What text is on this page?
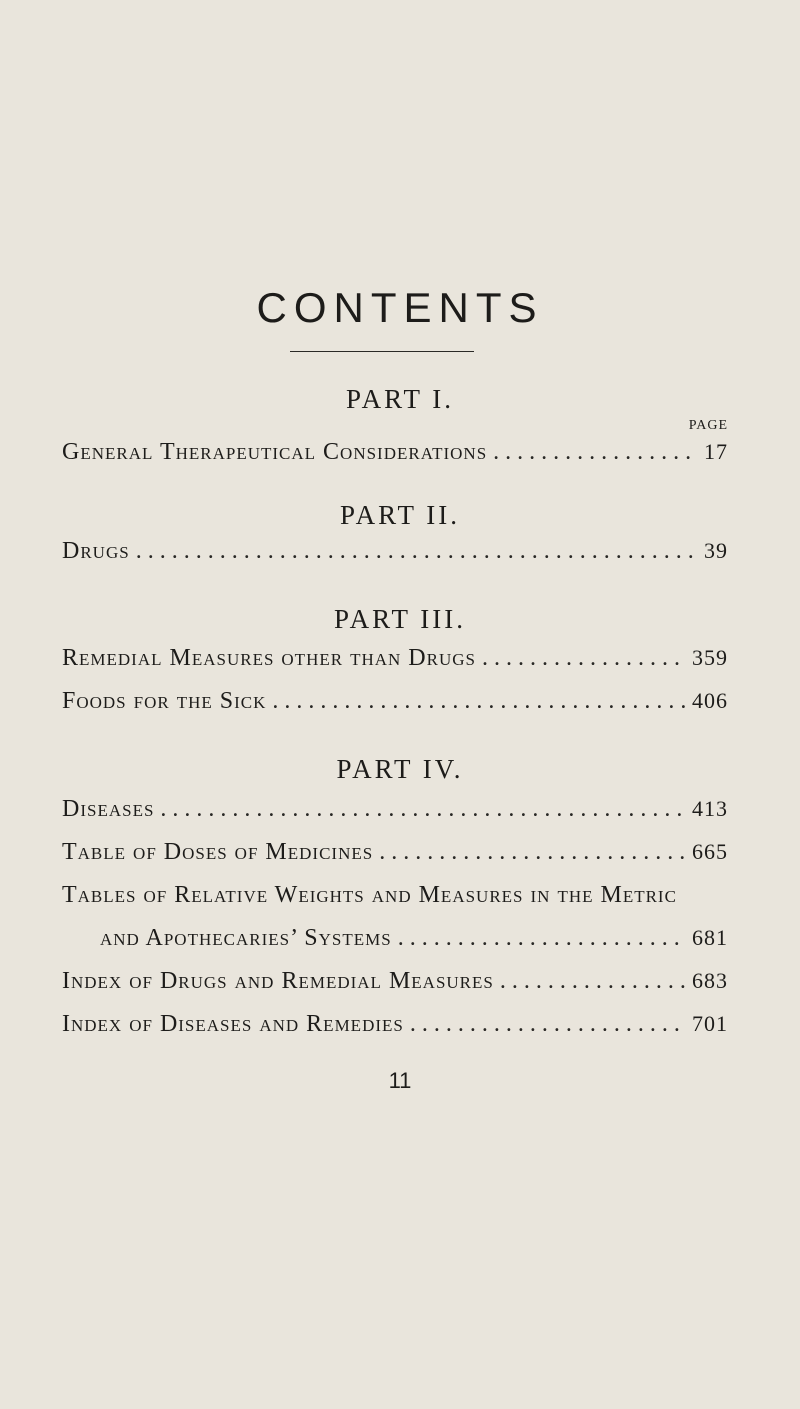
CONTENTS
PART I.
PAGE
General Therapeutical Considerations . . .	17
PART II.
Drugs . . .	39
PART III.
Remedial Measures other than Drugs . . .	359
Foods for the Sick . . .	406
PART IV.
Diseases . . .	413
Table of Doses of Medicines . . .	665
Tables of Relative Weights and Measures in the Metric
and Apothecaries’ Systems . . .	681
Index of Drugs and Remedial Measures . . .	683
Index of Diseases and Remedies . . .	701
11
